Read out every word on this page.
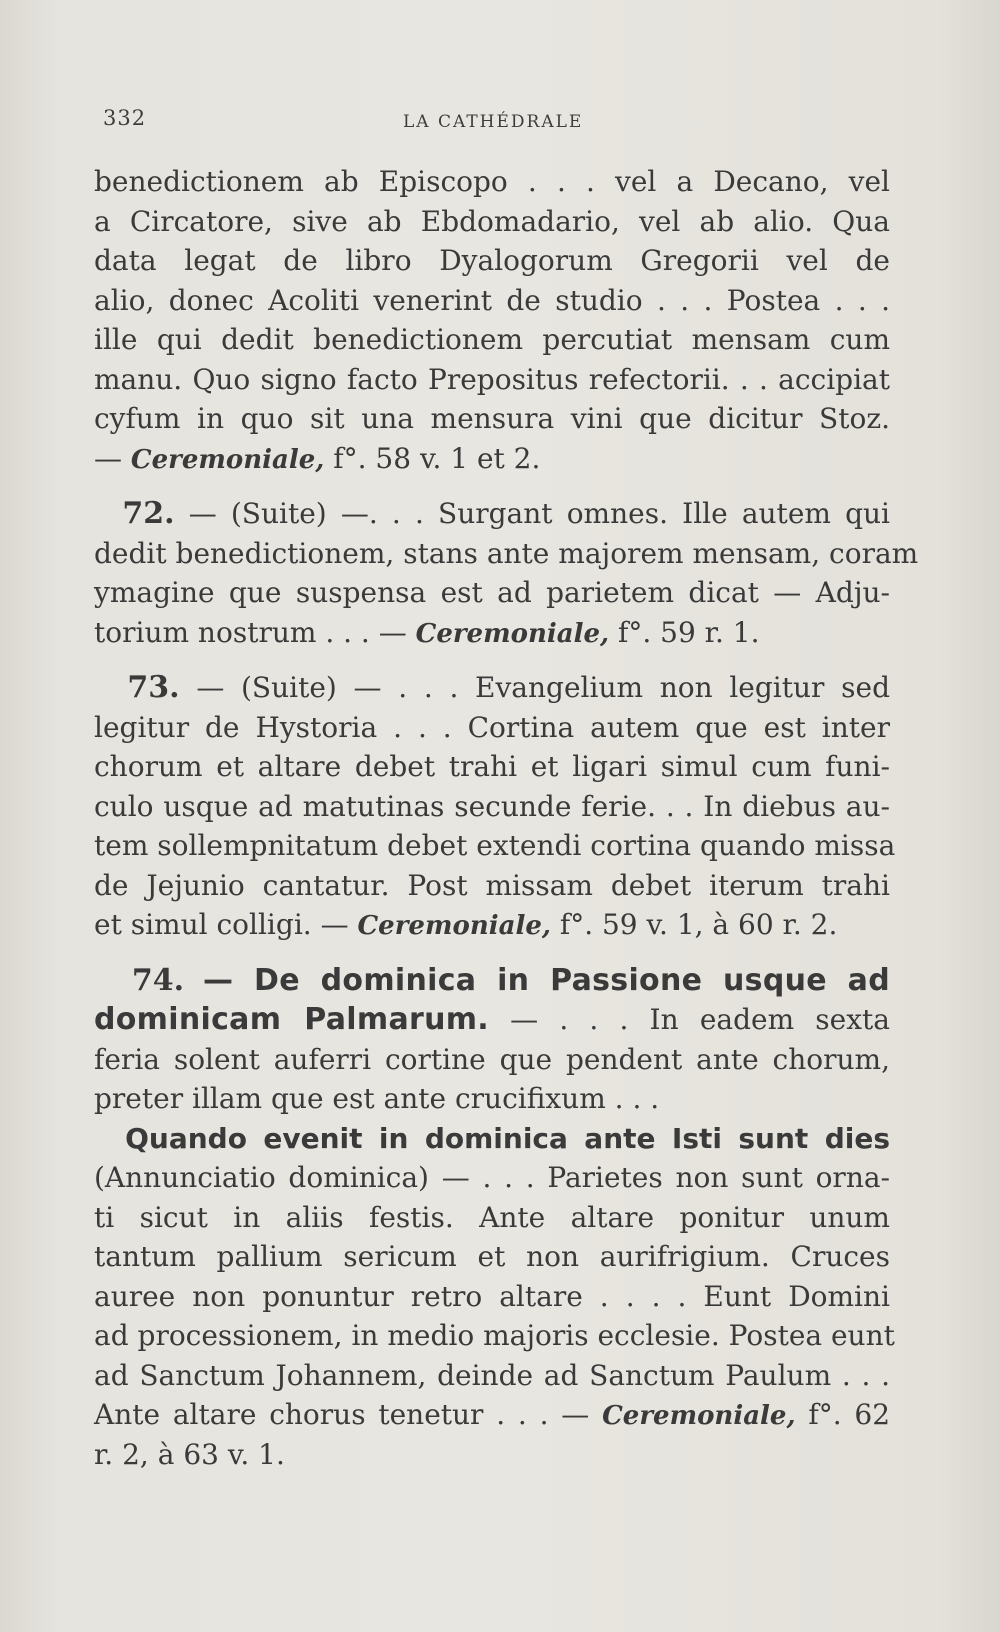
332	LA CATHÉDRALE
benedictionem ab Episcopo . . . vel a Decano, vel
a Circatore, sive ab Ebdomadario, vel ab alio. Qua
data legat de libro Dyalogorum Gregorii vel de
alio, donec Acoliti venerint de studio . . . Postea . . .
ille qui dedit benedictionem percutiat mensam cum
manu. Quo signo facto Prepositus refectorii. . . accipiat
cyfum in quo sit una mensura vini que dicitur Stoz.
— Ceremoniale, f°. 58 v. 1 et 2.
72. — (Suite) —. . . Surgant omnes. Ille autem qui
dedit benedictionem, stans ante majorem mensam, coram
ymagine que suspensa est ad parietem dicat — Adju-
torium nostrum . . . — Ceremoniale, f°. 59 r. 1.
73. — (Suite) — . . . Evangelium non legitur sed
legitur de Hystoria . . . Cortina autem que est inter
chorum et altare debet trahi et ligari simul cum funi-
culo usque ad matutinas secunde ferie. . . In diebus au-
tem sollempnitatum debet extendi cortina quando missa
de Jejunio cantatur. Post missam debet iterum trahi
et simul colligi. — Ceremoniale, f°. 59 v. 1, à 60 r. 2.
74. — De dominica in Passione usque ad
dominicam Palmarum. — . . . In eadem sexta
feria solent auferri cortine que pendent ante chorum,
preter illam que est ante crucifixum . . .
Quando evenit in dominica ante Isti sunt dies
(Annunciatio dominica) — . . . Parietes non sunt orna-
ti sicut in aliis festis. Ante altare ponitur unum
tantum pallium sericum et non aurifrigium. Cruces
auree non ponuntur retro altare . . . . Eunt Domini
ad processionem, in medio majoris ecclesie. Postea eunt
ad Sanctum Johannem, deinde ad Sanctum Paulum . . .
Ante altare chorus tenetur . . . — Ceremoniale, f°. 62
r. 2, à 63 v. 1.
